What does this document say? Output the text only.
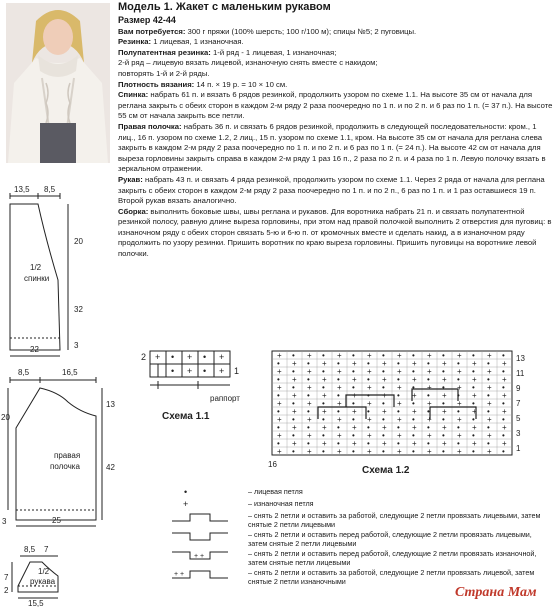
Модель 1. Жакет с маленьким рукавом
Размер 42-44

Вам потребуется: 300 г пряжи (100% шерсть; 100 г/100 м); спицы №5; 2 пуговицы.

Резинка: 1 лицевая, 1 изнаночная.

Полупатентная резинка: 1-й ряд - 1 лицевая, 1 изнаночная;

2-й ряд – лицевую вязать лицевой, изнаночную снять вместе с накидом;

повторять 1-й и 2-й ряды.

Плотность вязания: 14 п. × 19 р. = 10 × 10 см.

Спинка: набрать 61 п. и вязать 6 рядов резинкой, продолжить узором по схеме 1.1. На высоте 35 см от начала для реглана закрыть с обеих сторон в каждом 2-м ряду 2 раза поочередно по 1 п. и по 2 п. и 6 раз по 1 п. (= 37 п.). На высоте 55 см от начала закрыть все петли.

Правая полочка: набрать 36 п. и связать 6 рядов резинкой, продолжить в следующей последовательности: кром., 1 лиц., 16 п. узором по схеме 1.2, 2 лиц., 15 п. узором по схеме 1.1, кром. На высоте 35 см от начала для реглана слева закрыть в каждом 2-м ряду 2 раза поочередно по 1 п. и по 2 п. и 6 раз по 1 п. (= 24 п.). На высоте 42 см от начала для выреза горловины закрыть справа в каждом 2-м ряду 1 раз 16 п., 2 раза по 2 п. и 4 раза по 1 п. Левую полочку вязать в зеркальном отражении.

Рукав: набрать 43 п. и связать 4 ряда резинкой, продолжить узором по схеме 1.1. Через 2 ряда от начала для реглана закрыть с обеих сторон в каждом 2-м ряду 2 раза поочередно по 1 п. и по 2 п., 6 раз по 1 п. и 1 раз оставшиеся 19 п. Второй рукав вязать аналогично.

Сборка: выполнить боковые швы, швы реглана и рукавов. Для воротника набрать 21 п. и связать полупатентной резинкой полосу, равную длине выреза горловины, при этом над правой полочкой выполнить 2 отверстия для пуговиц: в изнаночном ряду с обеих сторон связать 5-ю и 6-ю п. от кромочных вместе и сделать накид, а в изнаночном ряду продолжить по узору резинки. Пришить воротник по краю выреза горловины. Пришить пуговицы на воротнике левой полочки.

13,5 8,5
20
32
3
22
1/2
спинки
8,5	16,5
20
3
13
42
25
правая
полочка
8,5 7
7
2
15,5
1/2
рукава
2
1
+ • + • +
• + • +
раппорт
Схема 1.1
+ • + • + • + • + • + • + • + •
• + • + • + • + • + • + • + • +
+ • + • + • + • + • + • + • + •
• + • + • + • + • + • + • + • +
+ • + • + • + • + • + • + • + •
• + • + • + • + • + • + • + • +
+ • + • + • + • + • + • + • + •
• + • + • + • + • + • + • + • +
+ • + • + • + • + • + • + • + •
• + • + • + • + • + • + • + • +
+ • + • + • + • + • + • + • + •
• + • + • + • + • + • + • + • +
+ • + • + • + • + • + • + • + •
16
13
11
9
7
5
3
1
Схема 1.2
•	– лицевая петля
+	– изнаночная петля
– снять 2 петли и оставить за работой, следующие 2 петли провязать лицевыми, затем снятые 2 петли лицевыми
– снять 2 петли и оставить перед работой, следующие 2 петли провязать лицевыми, затем снятые 2 петли лицевыми
+ +	– снять 2 петли и оставить перед работой, следующие 2 петли провязать изнаночной, затем снятые петли лицевыми
+ +	– снять 2 петли и оставить за работой, следующие 2 петли провязать лицевой, затем снятые 2 петли изнаночными
Страна Мам
